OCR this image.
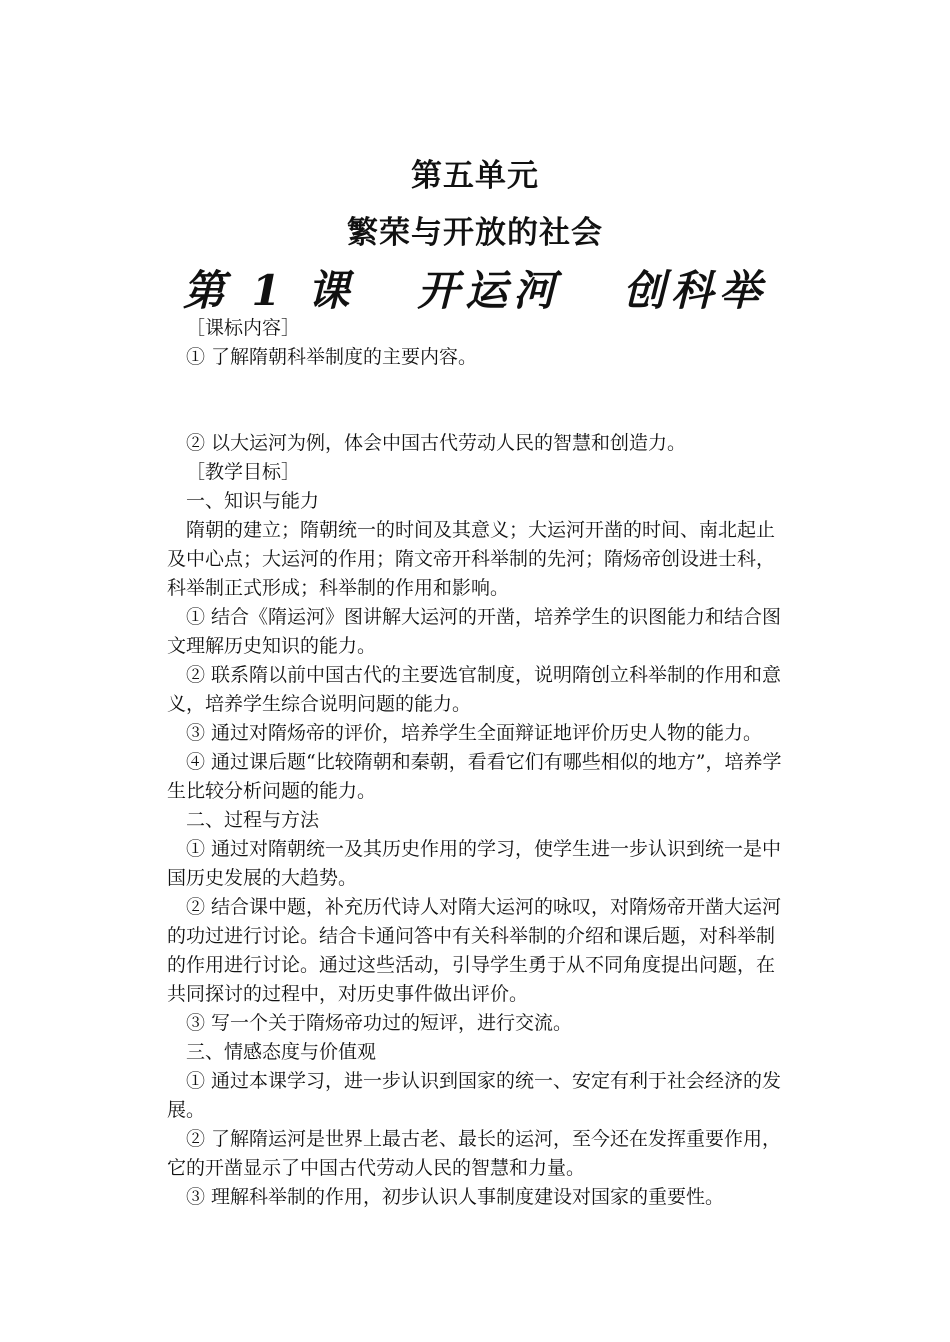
第五单元
繁荣与开放的社会
第 1 课   开运河   创科举

［课标内容］

① 了解隋朝科举制度的主要内容。

② 以大运河为例，体会中国古代劳动人民的智慧和创造力。

［教学目标］

一、知识与能力

隋朝的建立；隋朝统一的时间及其意义；大运河开凿的时间、南北起止及中心点；大运河的作用；隋文帝开科举制的先河；隋炀帝创设进士科，科举制正式形成；科举制的作用和影响。

① 结合《隋运河》图讲解大运河的开凿，培养学生的识图能力和结合图文理解历史知识的能力。

② 联系隋以前中国古代的主要选官制度，说明隋创立科举制的作用和意义，培养学生综合说明问题的能力。

③ 通过对隋炀帝的评价，培养学生全面辩证地评价历史人物的能力。

④ 通过课后题“比较隋朝和秦朝，看看它们有哪些相似的地方”，培养学生比较分析问题的能力。

二、过程与方法

① 通过对隋朝统一及其历史作用的学习，使学生进一步认识到统一是中国历史发展的大趋势。

② 结合课中题，补充历代诗人对隋大运河的咏叹，对隋炀帝开凿大运河的功过进行讨论。结合卡通问答中有关科举制的介绍和课后题，对科举制的作用进行讨论。通过这些活动，引导学生勇于从不同角度提出问题，在共同探讨的过程中，对历史事件做出评价。

③ 写一个关于隋炀帝功过的短评，进行交流。

三、情感态度与价值观

① 通过本课学习，进一步认识到国家的统一、安定有利于社会经济的发展。

② 了解隋运河是世界上最古老、最长的运河，至今还在发挥重要作用，它的开凿显示了中国古代劳动人民的智慧和力量。

③ 理解科举制的作用，初步认识人事制度建设对国家的重要性。
